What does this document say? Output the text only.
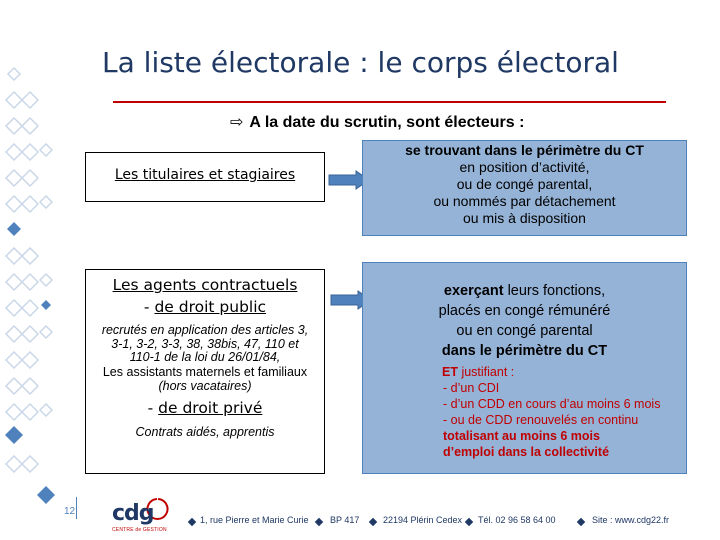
La liste électorale : le corps électoral
⇨ A la date du scrutin, sont électeurs :
Les titulaires et stagiaires
se trouvant dans le périmètre du CT
en position d’activité,
ou de congé parental,
ou nommés par détachement
ou mis à disposition
Les agents contractuels
- de droit public
recrutés en application des articles 3, 3-1, 3-2, 3-3, 38, 38bis, 47, 110 et 110-1 de la loi du 26/01/84,
Les assistants maternels et familiaux
(hors vacataires)
- de droit privé
Contrats aidés, apprentis
exerçant leurs fonctions,
placés en congé rémunéré
ou en congé parental
dans le périmètre du CT
ET justifiant :
- d’un CDI
- d’un CDD en cours d’au moins 6 mois
- ou de CDD renouvelés en continu
totalisant au moins 6 mois
d’emploi dans la collectivité
12 cdg
CENTRE de GESTION
1, rue Pierre et Marie Curie BP 417	22194 Plérin Cedex Tél. 02 96 58 64 00	Site : www.cdg22.fr
